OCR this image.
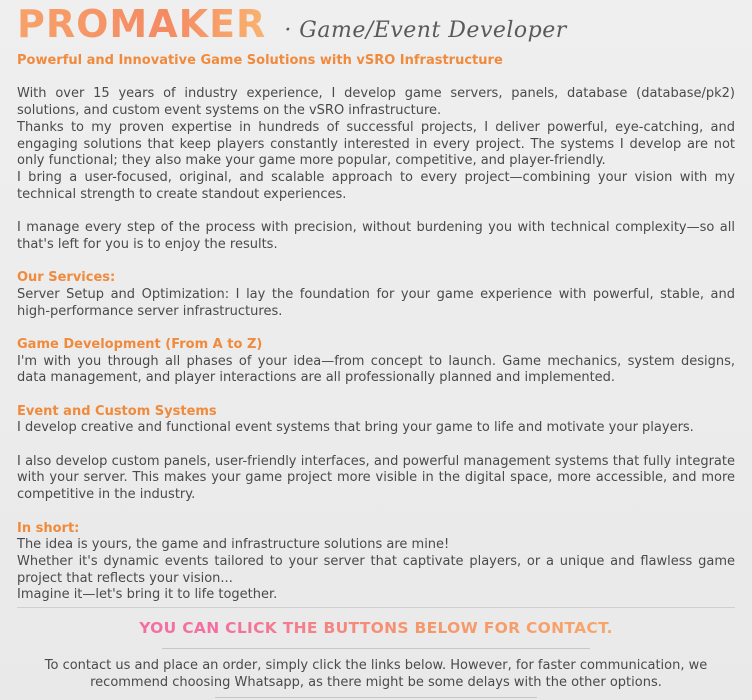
PROMAKER · Game/Event Developer

Powerful and Innovative Game Solutions with vSRO Infrastructure

With over 15 years of industry experience, I develop game servers, panels, database (database/pk2) solutions, and custom event systems on the vSRO infrastructure.

Thanks to my proven expertise in hundreds of successful projects, I deliver powerful, eye-catching, and engaging solutions that keep players constantly interested in every project. The systems I develop are not only functional; they also make your game more popular, competitive, and player-friendly.

I bring a user-focused, original, and scalable approach to every project—combining your vision with my technical strength to create standout experiences.

I manage every step of the process with precision, without burdening you with technical complexity—so all that's left for you is to enjoy the results.

Our Services:

Server Setup and Optimization: I lay the foundation for your game experience with powerful, stable, and high-performance server infrastructures.

Game Development (From A to Z)

I'm with you through all phases of your idea—from concept to launch. Game mechanics, system designs, data management, and player interactions are all professionally planned and implemented.

Event and Custom Systems

I develop creative and functional event systems that bring your game to life and motivate your players.

I also develop custom panels, user-friendly interfaces, and powerful management systems that fully integrate with your server. This makes your game project more visible in the digital space, more accessible, and more competitive in the industry.

In short:

The idea is yours, the game and infrastructure solutions are mine!

Whether it's dynamic events tailored to your server that captivate players, or a unique and flawless game project that reflects your vision...

Imagine it—let's bring it to life together.

YOU CAN CLICK THE BUTTONS BELOW FOR CONTACT.
To contact us and place an order, simply click the links below. However, for faster communication, we recommend choosing Whatsapp, as there might be some delays with the other options.
